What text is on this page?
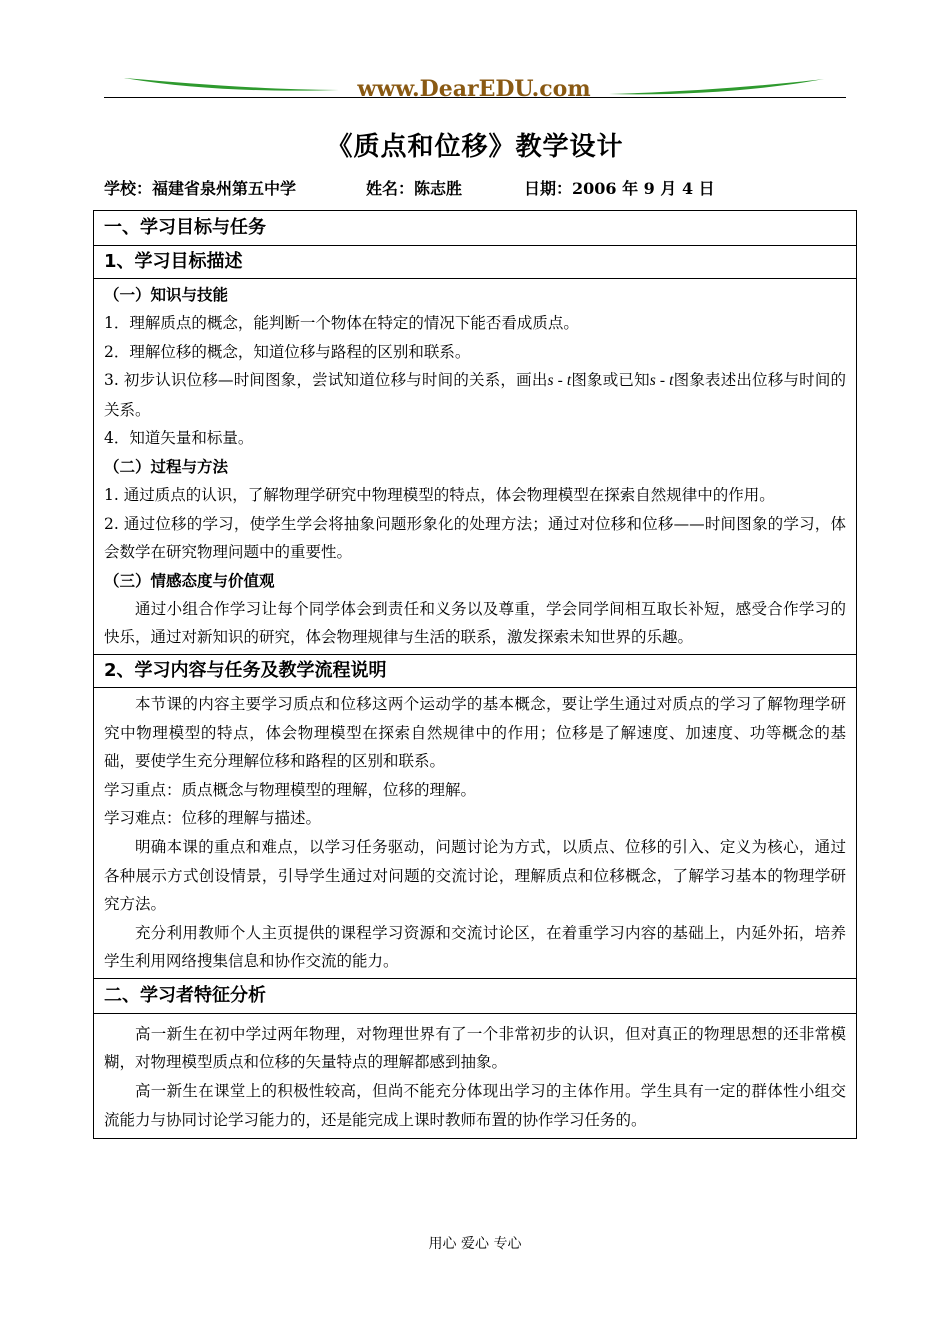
www.DearEDU.com
《质点和位移》教学设计
学校：福建省泉州第五中学	姓名：陈志胜	日期：2006 年 9 月 4 日
一、学习目标与任务

1、学习目标描述

（一）知识与技能

1．理解质点的概念，能判断一个物体在特定的情况下能否看成质点。

2．理解位移的概念，知道位移与路程的区别和联系。

3. 初步认识位移—时间图象，尝试知道位移与时间的关系，画出s - t图象或已知s - t图象表述出位移与时间的关系。

4．知道矢量和标量。

（二）过程与方法

1. 通过质点的认识，了解物理学研究中物理模型的特点，体会物理模型在探索自然规律中的作用。

2. 通过位移的学习，使学生学会将抽象问题形象化的处理方法；通过对位移和位移——时间图象的学习，体会数学在研究物理问题中的重要性。

（三）情感态度与价值观

通过小组合作学习让每个同学体会到责任和义务以及尊重，学会同学间相互取长补短，感受合作学习的快乐，通过对新知识的研究，体会物理规律与生活的联系，激发探索未知世界的乐趣。

2、学习内容与任务及教学流程说明

本节课的内容主要学习质点和位移这两个运动学的基本概念，要让学生通过对质点的学习了解物理学研究中物理模型的特点，体会物理模型在探索自然规律中的作用；位移是了解速度、加速度、功等概念的基础，要使学生充分理解位移和路程的区别和联系。

学习重点：质点概念与物理模型的理解，位移的理解。

学习难点：位移的理解与描述。

明确本课的重点和难点，以学习任务驱动，问题讨论为方式，以质点、位移的引入、定义为核心，通过各种展示方式创设情景，引导学生通过对问题的交流讨论，理解质点和位移概念，了解学习基本的物理学研究方法。

充分利用教师个人主页提供的课程学习资源和交流讨论区，在着重学习内容的基础上，内延外拓，培养学生利用网络搜集信息和协作交流的能力。

二、学习者特征分析

高一新生在初中学过两年物理，对物理世界有了一个非常初步的认识，但对真正的物理思想的还非常模糊，对物理模型质点和位移的矢量特点的理解都感到抽象。

高一新生在课堂上的积极性较高，但尚不能充分体现出学习的主体作用。学生具有一定的群体性小组交流能力与协同讨论学习能力的，还是能完成上课时教师布置的协作学习任务的。

用心 爱心 专心
